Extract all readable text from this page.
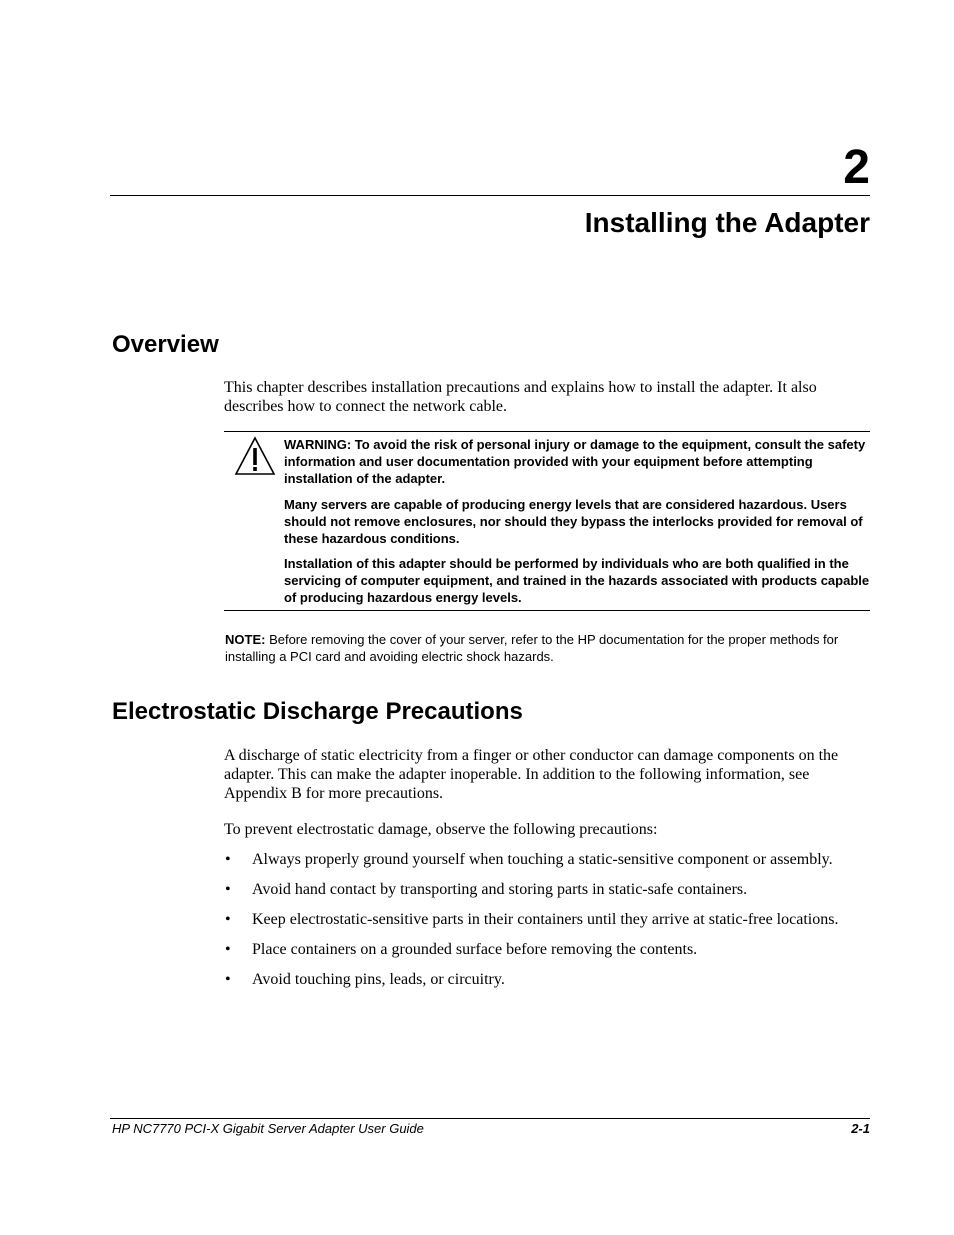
2
Installing the Adapter
Overview
This chapter describes installation precautions and explains how to install the adapter. It also describes how to connect the network cable.
WARNING: To avoid the risk of personal injury or damage to the equipment, consult the safety information and user documentation provided with your equipment before attempting installation of the adapter.
Many servers are capable of producing energy levels that are considered hazardous. Users should not remove enclosures, nor should they bypass the interlocks provided for removal of these hazardous conditions.
Installation of this adapter should be performed by individuals who are both qualified in the servicing of computer equipment, and trained in the hazards associated with products capable of producing hazardous energy levels.
NOTE: Before removing the cover of your server, refer to the HP documentation for the proper methods for installing a PCI card and avoiding electric shock hazards.
Electrostatic Discharge Precautions
A discharge of static electricity from a finger or other conductor can damage components on the adapter. This can make the adapter inoperable. In addition to the following information, see Appendix B for more precautions.
To prevent electrostatic damage, observe the following precautions:
• Always properly ground yourself when touching a static-sensitive component or assembly.
• Avoid hand contact by transporting and storing parts in static-safe containers.
• Keep electrostatic-sensitive parts in their containers until they arrive at static-free locations.
• Place containers on a grounded surface before removing the contents.
• Avoid touching pins, leads, or circuitry.
HP NC7770 PCI-X Gigabit Server Adapter User Guide	2-1
